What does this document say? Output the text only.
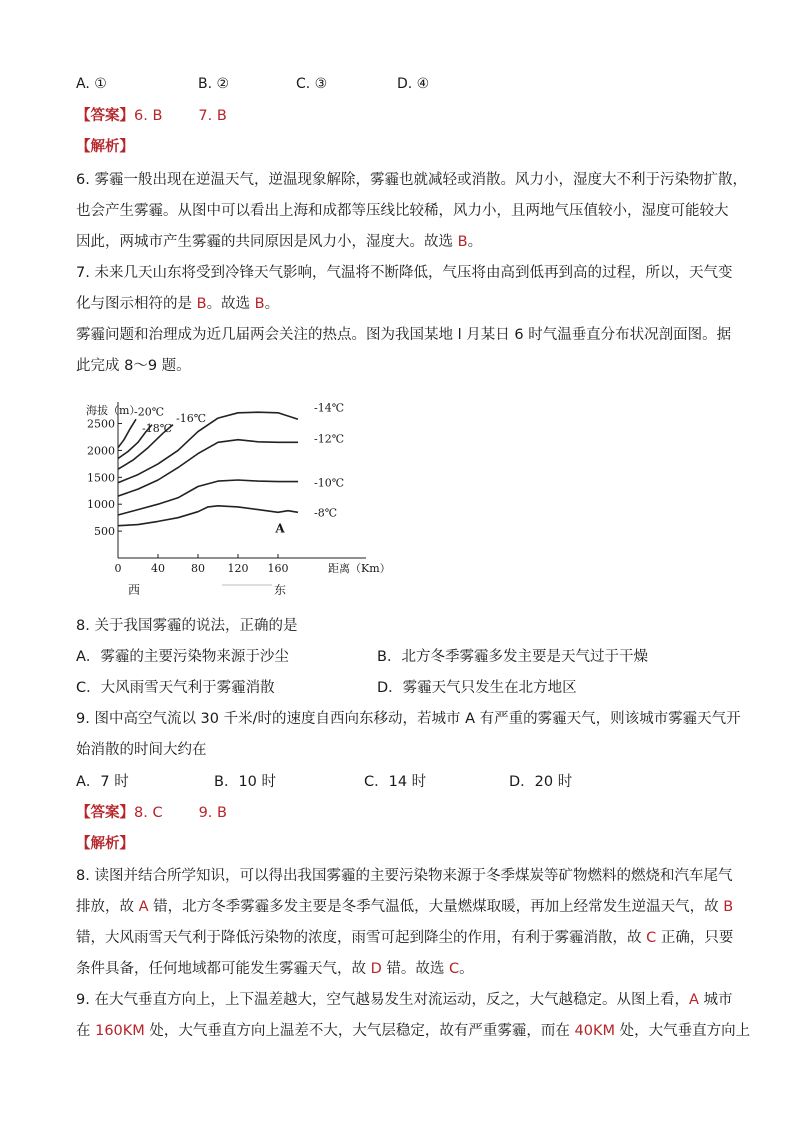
A. ①	B. ②	C. ③	D. ④
【答案】6. B 7. B
【解析】
6. 雾霾一般出现在逆温天气，逆温现象解除，雾霾也就减轻或消散。风力小，湿度大不利于污染物扩散，
也会产生雾霾。从图中可以看出上海和成都等压线比较稀，风力小，且两地气压值较小，湿度可能较大
因此，两城市产生雾霾的共同原因是风力小，湿度大。故选 B。
7. 未来几天山东将受到冷锋天气影响，气温将不断降低，气压将由高到低再到高的过程，所以，天气变
化与图示相符的是 B。故选 B。
雾霾问题和治理成为近几届两会关注的热点。图为我国某地 l 月某日 6 时气温垂直分布状况剖面图。据
此完成 8～9 题。
500
1000
1500
2000
2500
0	40 80 120 160
海拔（m）
距离（Km）
西	东
-8℃
-10℃
-12℃
-14℃
-16℃
-18℃
-20℃
A
8. 关于我国雾霾的说法，正确的是
A．雾霾的主要污染物来源于沙尘	B．北方冬季雾霾多发主要是天气过于干燥
C．大风雨雪天气利于雾霾消散	D．雾霾天气只发生在北方地区
9. 图中高空气流以 30 千米/时的速度自西向东移动，若城市 A 有严重的雾霾天气，则该城市雾霾天气开
始消散的时间大约在
A．7 时	B．10 时	C．14 时	D．20 时
【答案】8. C 9. B
【解析】
8. 读图并结合所学知识，可以得出我国雾霾的主要污染物来源于冬季煤炭等矿物燃料的燃烧和汽车尾气
排放，故 A 错，北方冬季雾霾多发主要是冬季气温低，大量燃煤取暖，再加上经常发生逆温天气，故 B
错，大风雨雪天气利于降低污染物的浓度，雨雪可起到降尘的作用，有利于雾霾消散，故 C 正确，只要
条件具备，任何地域都可能发生雾霾天气，故 D 错。故选 C。
9. 在大气垂直方向上，上下温差越大，空气越易发生对流运动，反之，大气越稳定。从图上看，A 城市
在 160KM 处，大气垂直方向上温差不大，大气层稳定，故有严重雾霾，而在 40KM 处，大气垂直方向上
